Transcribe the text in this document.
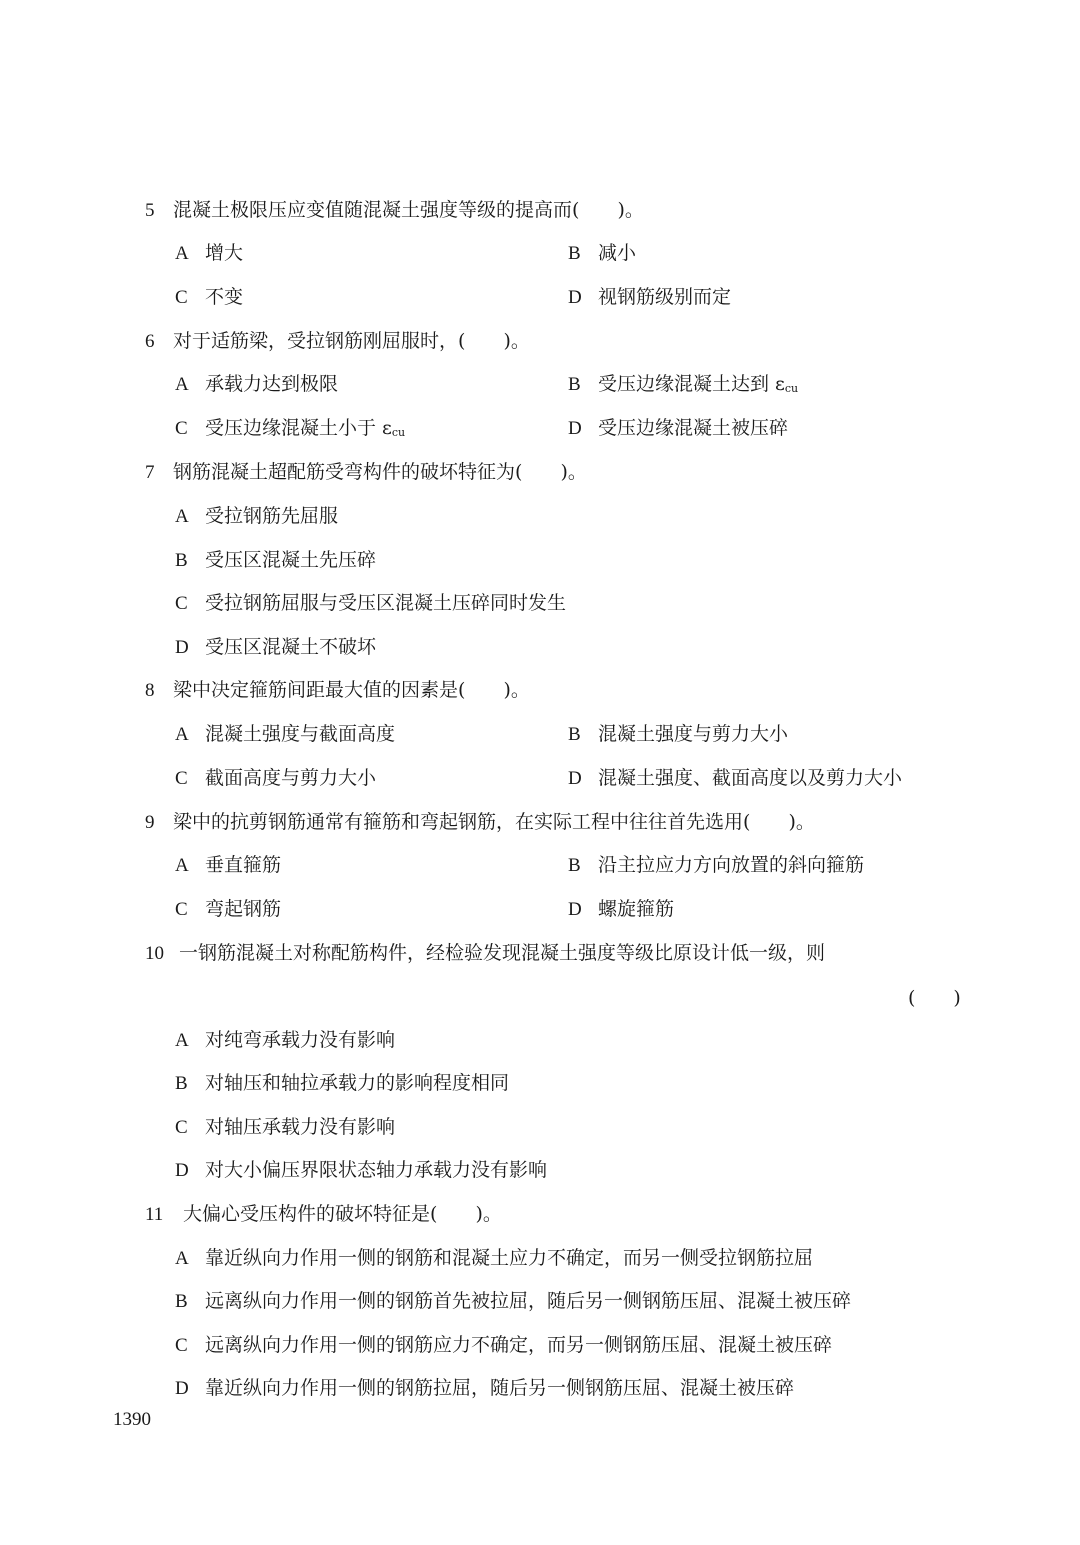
5 混凝土极限压应变值随混凝土强度等级的提高而(　　)。
A 增大	B 减小
C 不变	D 视钢筋级别而定
6 对于适筋梁，受拉钢筋刚屈服时，(　　)。
A 承载力达到极限	B 受压边缘混凝土达到 εcu
C 受压边缘混凝土小于 εcu	D 受压边缘混凝土被压碎
7 钢筋混凝土超配筋受弯构件的破坏特征为(　　)。
A 受拉钢筋先屈服
B 受压区混凝土先压碎
C 受拉钢筋屈服与受压区混凝土压碎同时发生
D 受压区混凝土不破坏
8 梁中决定箍筋间距最大值的因素是(　　)。
A 混凝土强度与截面高度	B 混凝土强度与剪力大小
C 截面高度与剪力大小	D 混凝土强度、截面高度以及剪力大小
9 梁中的抗剪钢筋通常有箍筋和弯起钢筋，在实际工程中往往首先选用(　　)。
A 垂直箍筋	B 沿主拉应力方向放置的斜向箍筋
C 弯起钢筋	D 螺旋箍筋
10 一钢筋混凝土对称配筋构件，经检验发现混凝土强度等级比原设计低一级，则
(　　)
A 对纯弯承载力没有影响
B 对轴压和轴拉承载力的影响程度相同
C 对轴压承载力没有影响
D 对大小偏压界限状态轴力承载力没有影响
11 大偏心受压构件的破坏特征是(　　)。
A 靠近纵向力作用一侧的钢筋和混凝土应力不确定，而另一侧受拉钢筋拉屈
B 远离纵向力作用一侧的钢筋首先被拉屈，随后另一侧钢筋压屈、混凝土被压碎
C 远离纵向力作用一侧的钢筋应力不确定，而另一侧钢筋压屈、混凝土被压碎
D 靠近纵向力作用一侧的钢筋拉屈，随后另一侧钢筋压屈、混凝土被压碎
1390
